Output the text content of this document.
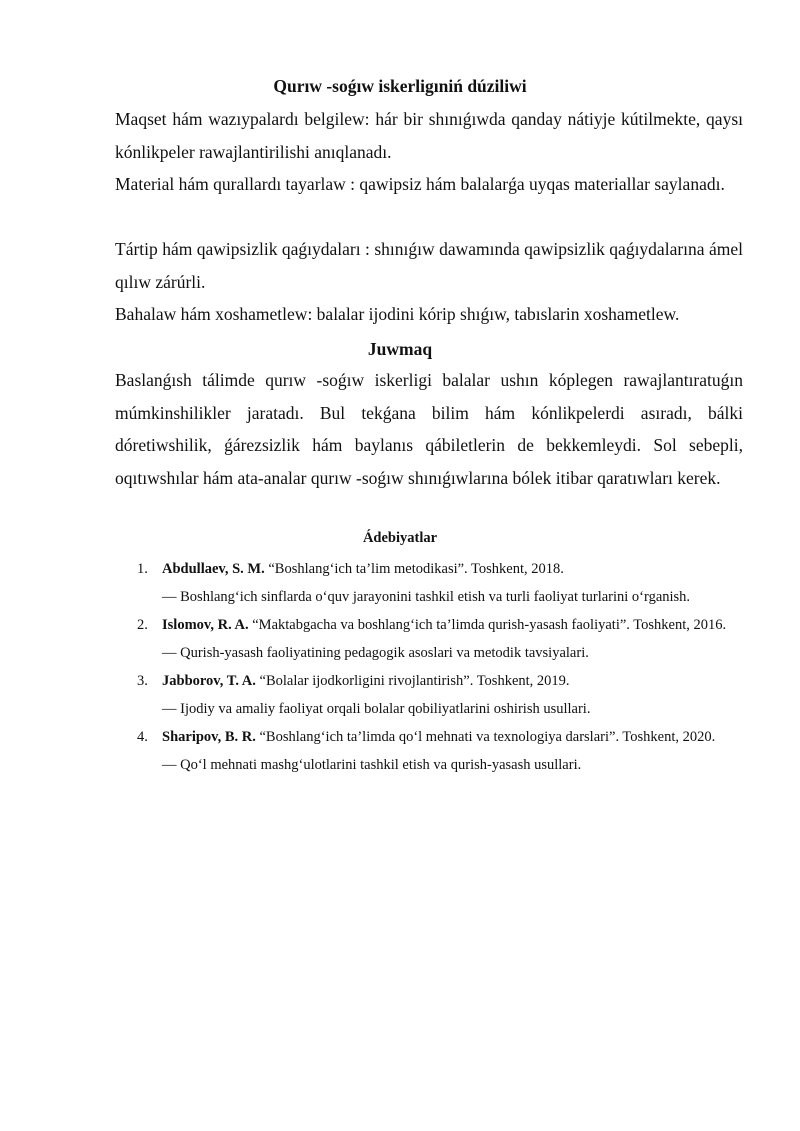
Qurıw -soǵıw iskerligıniń dúziliwi
Maqset hám wazıypalardı belgilew: hár bir shınıǵıwda qanday nátiyje kútilmekte, qaysı kónlikpeler rawajlantirilishi anıqlanadı.
Material hám qurallardı tayarlaw : qawipsiz hám balalarǵa uyqas materiallar saylanadı.
Tártip hám qawipsizlik qaǵıydaları : shınıǵıw dawamında qawipsizlik qaǵıydalarına ámel qılıw zárúrli.
Bahalaw hám xoshametlew: balalar ijodini kórip shıǵıw, tabıslarin xoshametlew.
Juwmaq
Baslanǵısh tálimde qurıw -soǵıw iskerligi balalar ushın kóplegen rawajlantıratuǵın múmkinshilikler jaratadı. Bul tekǵana bilim hám kónlikpelerdi asıradı, bálki dóretiwshilik, ǵárezsizlik hám baylanıs qábiletlerin de bekkemleydi. Sol sebepli, oqıtıwshılar hám ata-analar qurıw -soǵıw shınıǵıwlarına bólek itibar qaratıwları kerek.
Ádebiyatlar
1. Abdullaev, S. M. “Boshlang‘ich ta’lim metodikasi”. Toshkent, 2018.
— Boshlang‘ich sinflarda o‘quv jarayonini tashkil etish va turli faoliyat turlarini o‘rganish.
2. Islomov, R. A. “Maktabgacha va boshlang‘ich ta’limda qurish-yasash faoliyati”. Toshkent, 2016.
— Qurish-yasash faoliyatining pedagogik asoslari va metodik tavsiyalari.
3. Jabborov, T. A. “Bolalar ijodkorligini rivojlantirish”. Toshkent, 2019.
— Ijodiy va amaliy faoliyat orqali bolalar qobiliyatlarini oshirish usullari.
4. Sharipov, B. R. “Boshlang‘ich ta’limda qo‘l mehnati va texnologiya darslari”. Toshkent, 2020.
— Qo‘l mehnati mashg‘ulotlarini tashkil etish va qurish-yasash usullari.
